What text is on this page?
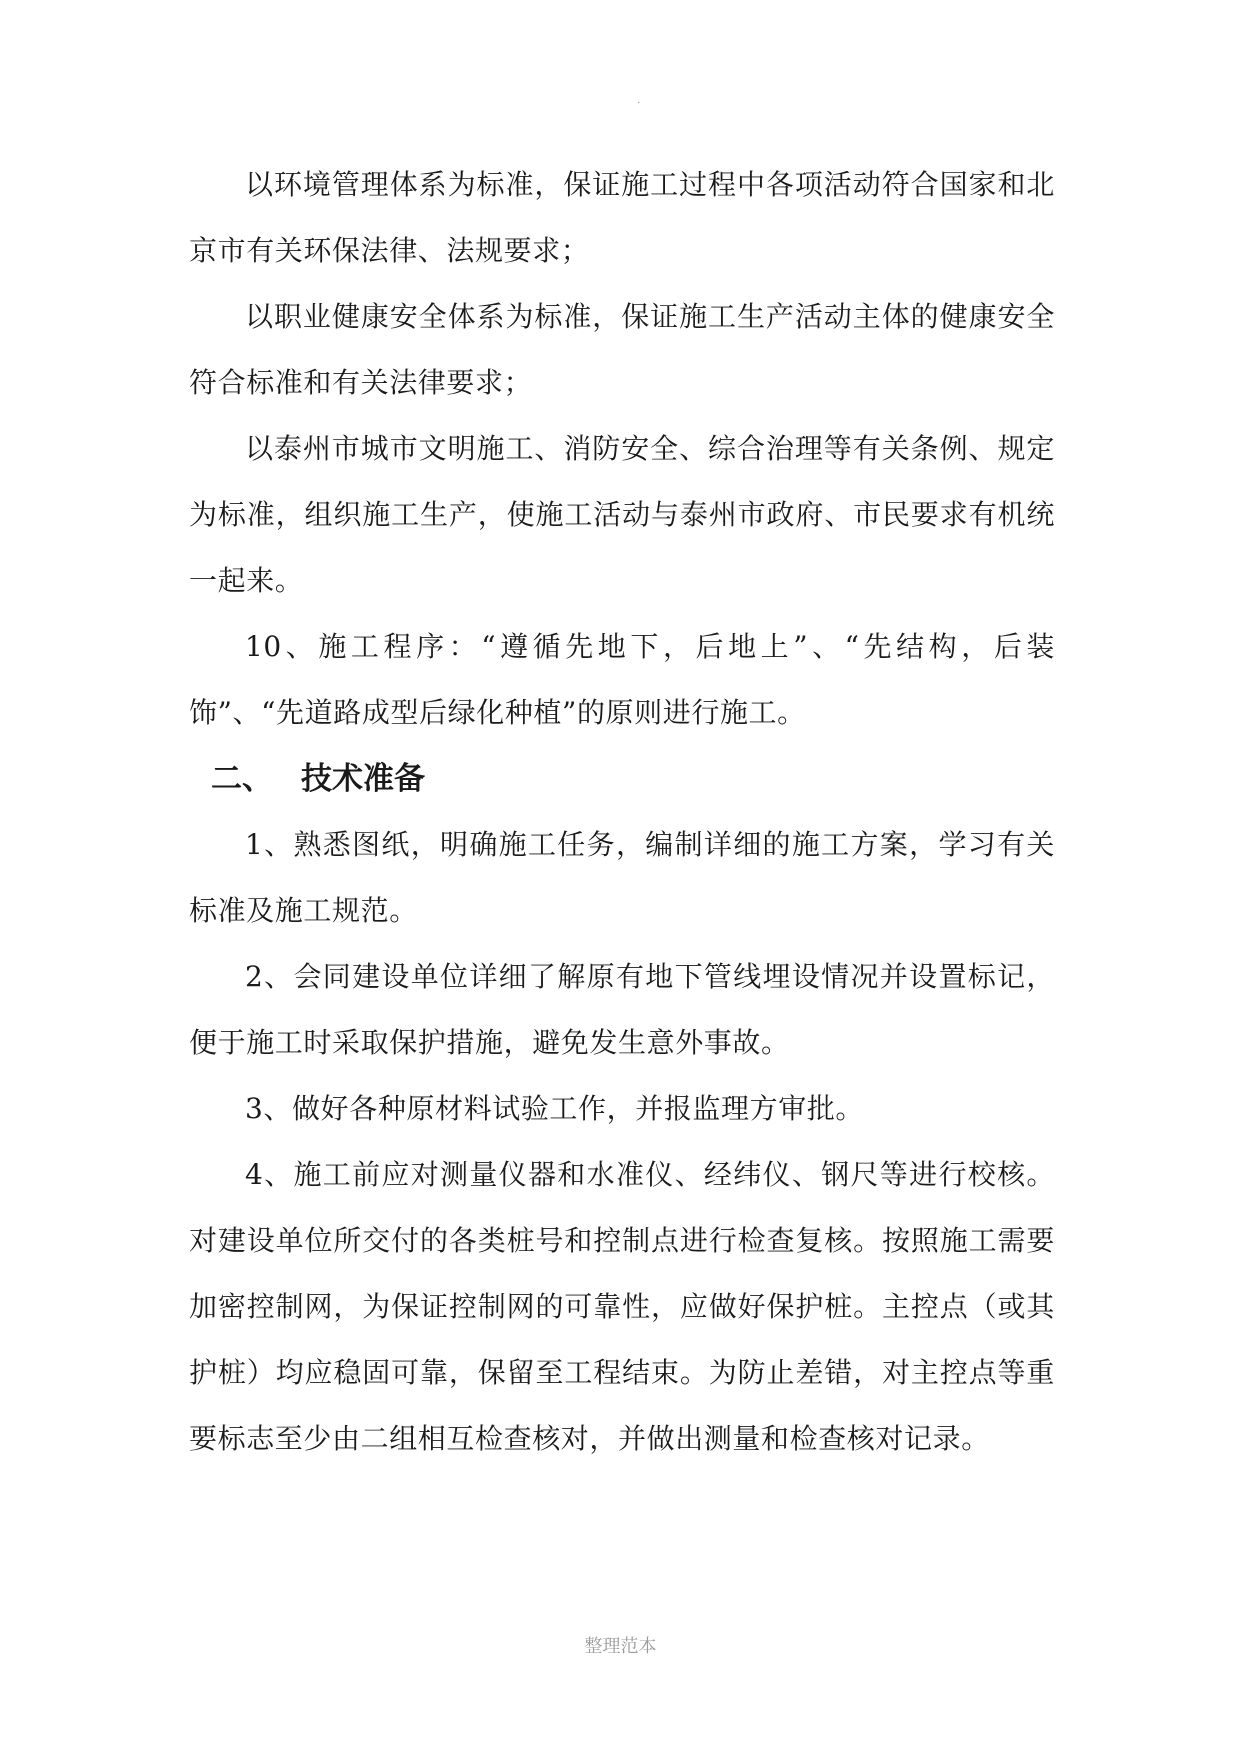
.

以环境管理体系为标准，保证施工过程中各项活动符合国家和北京市有关环保法律、法规要求；

以职业健康安全体系为标准，保证施工生产活动主体的健康安全符合标准和有关法律要求；

以泰州市城市文明施工、消防安全、综合治理等有关条例、规定为标准，组织施工生产，使施工活动与泰州市政府、市民要求有机统一起来。

10、施工程序：“遵循先地下，后地上”、“先结构，后装饰”、“先道路成型后绿化种植”的原则进行施工。

二、 技术准备

1、熟悉图纸，明确施工任务，编制详细的施工方案，学习有关标准及施工规范。

2、会同建设单位详细了解原有地下管线埋设情况并设置标记，便于施工时采取保护措施，避免发生意外事故。

3、做好各种原材料试验工作，并报监理方审批。

4、施工前应对测量仪器和水准仪、经纬仪、钢尺等进行校核。对建设单位所交付的各类桩号和控制点进行检查复核。按照施工需要加密控制网，为保证控制网的可靠性，应做好保护桩。主控点（或其护桩）均应稳固可靠，保留至工程结束。为防止差错，对主控点等重要标志至少由二组相互检查核对，并做出测量和检查核对记录。

整理范本
